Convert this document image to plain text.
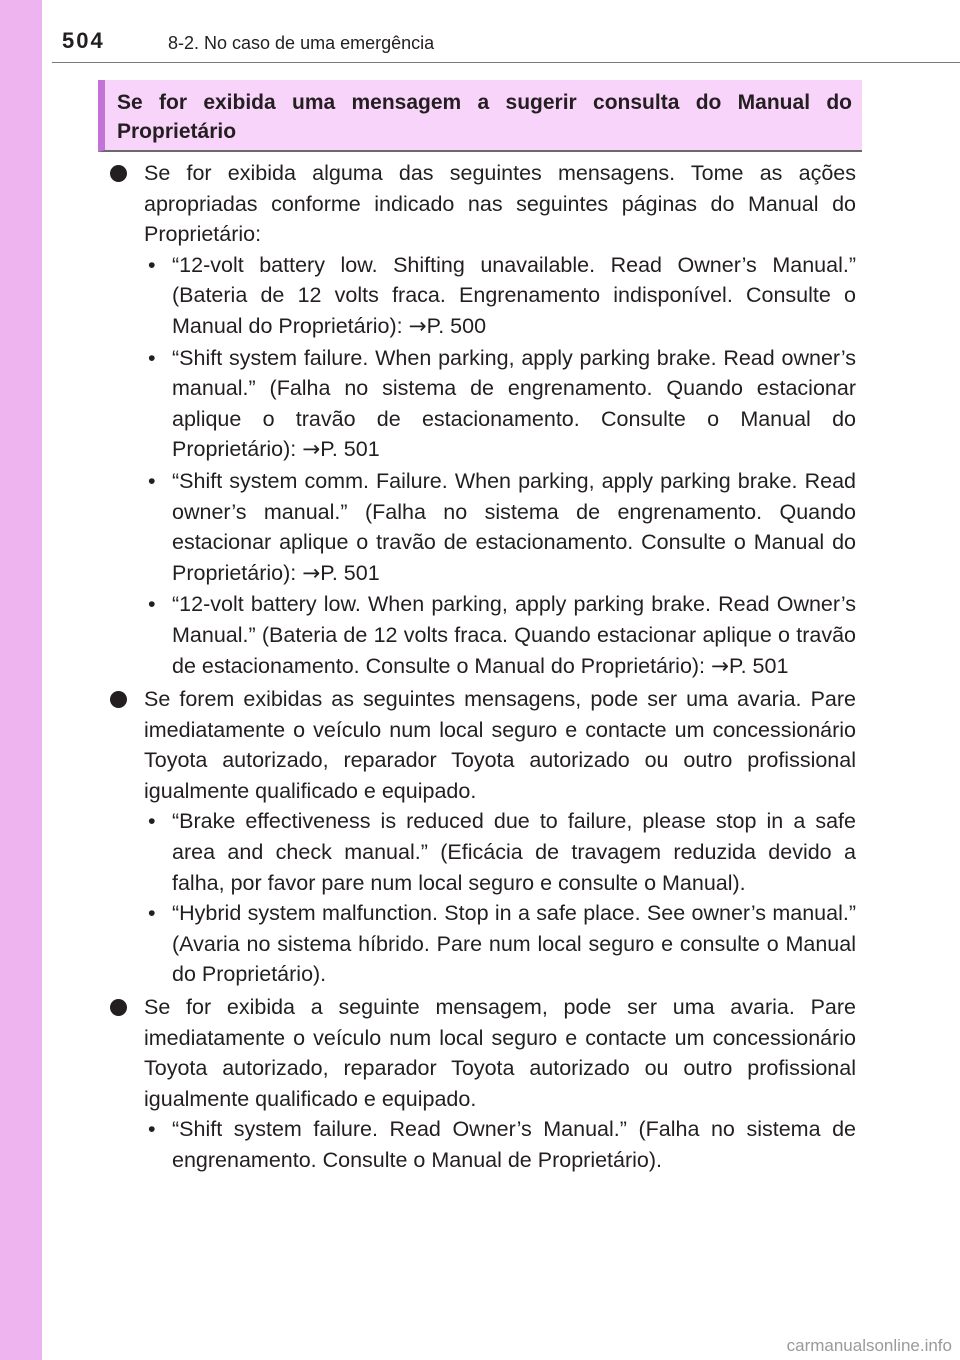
504	8-2. No caso de uma emergência
Se for exibida uma mensagem a sugerir consulta do Manual do Proprietário
Se for exibida alguma das seguintes mensagens. Tome as ações apropriadas conforme indicado nas seguintes páginas do Manual do Proprietário:
• “12-volt battery low. Shifting unavailable. Read Owner’s Manual.” (Bateria de 12 volts fraca. Engrenamento indisponível. Consulte o Manual do Proprietário): →P. 500
• “Shift system failure. When parking, apply parking brake. Read owner’s manual.” (Falha no sistema de engrenamento. Quando estacionar aplique o travão de estacionamento. Consulte o Manual do Proprietário): →P. 501
• “Shift system comm. Failure. When parking, apply parking brake. Read owner’s manual.” (Falha no sistema de engrenamento. Quando estacionar aplique o travão de estacionamento. Consulte o Manual do Proprietário): →P. 501
• “12-volt battery low. When parking, apply parking brake. Read Owner’s Manual.” (Bateria de 12 volts fraca. Quando estacionar aplique o travão de estacionamento. Consulte o Manual do Proprietário): →P. 501
Se forem exibidas as seguintes mensagens, pode ser uma avaria. Pare imediatamente o veículo num local seguro e contacte um concessionário Toyota autorizado, reparador Toyota autorizado ou outro profissional igualmente qualificado e equipado.
• “Brake effectiveness is reduced due to failure, please stop in a safe area and check manual.” (Eficácia de travagem reduzida devido a falha, por favor pare num local seguro e consulte o Manual).
• “Hybrid system malfunction. Stop in a safe place. See owner’s manual.” (Avaria no sistema híbrido. Pare num local seguro e consulte o Manual do Proprietário).
Se for exibida a seguinte mensagem, pode ser uma avaria. Pare imediatamente o veículo num local seguro e contacte um concessionário Toyota autorizado, reparador Toyota autorizado ou outro profissional igualmente qualificado e equipado.
• “Shift system failure. Read Owner’s Manual.” (Falha no sistema de engrenamento. Consulte o Manual de Proprietário).
carmanualsonline.info
